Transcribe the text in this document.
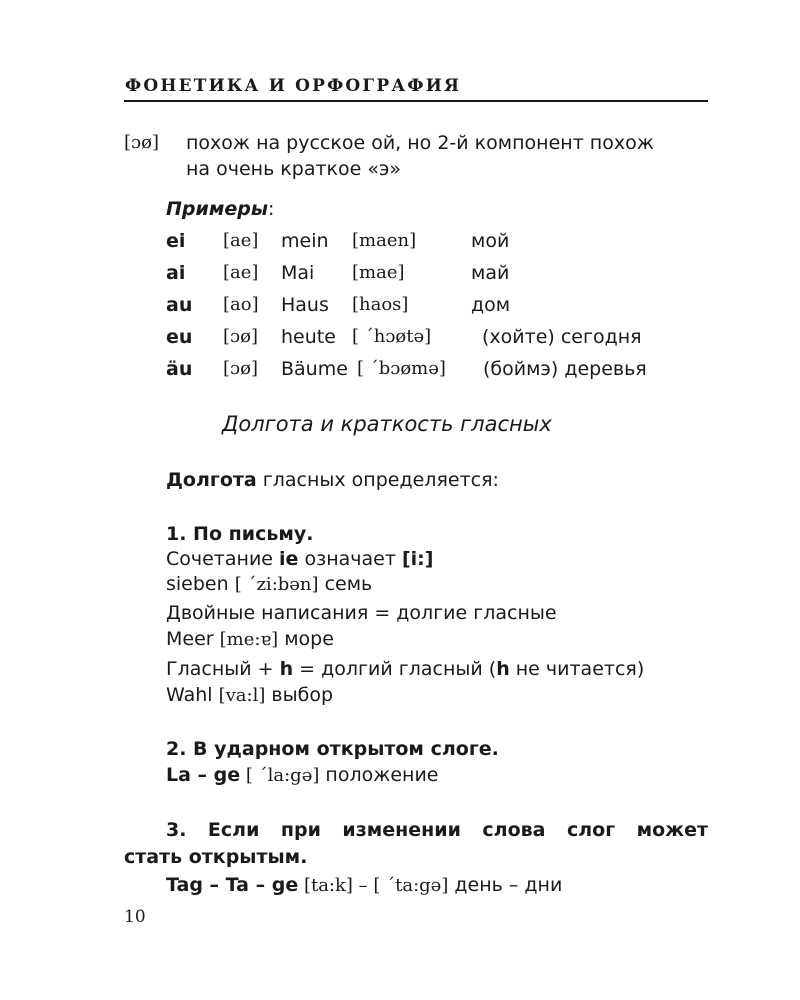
ФОНЕТИКА И ОРФОГРАФИЯ
[ɔø] похож на русское ой, но 2-й компонент похож
на очень краткое «э»
Примеры:
ei [ae] mein [maen]	мой
ai [ae] Mai [mae]	май
au [ao] Haus [haos]	дом
eu [ɔø] heute [ ´hɔøtə]	(хойте) сегодня
äu [ɔø] Bäume [ ´bɔømə] (боймэ) деревья
Долгота и краткость гласных
Долгота гласных определяется:
1. По письму.
Сочетание ie означает [i:]
sieben [ ´zi:bən] семь
Двойные написания = долгие гласные
Meer [me:ɐ] море
Гласный + h = долгий гласный (h не читается)
Wahl [va:l] выбор
2. В ударном открытом слоге.
La – ge [ ´la:gə] положение
3. Если при изменении слова слог может
стать открытым.
Tag – Ta – ge [ta:k] – [ ´ta:gə] день – дни
10
